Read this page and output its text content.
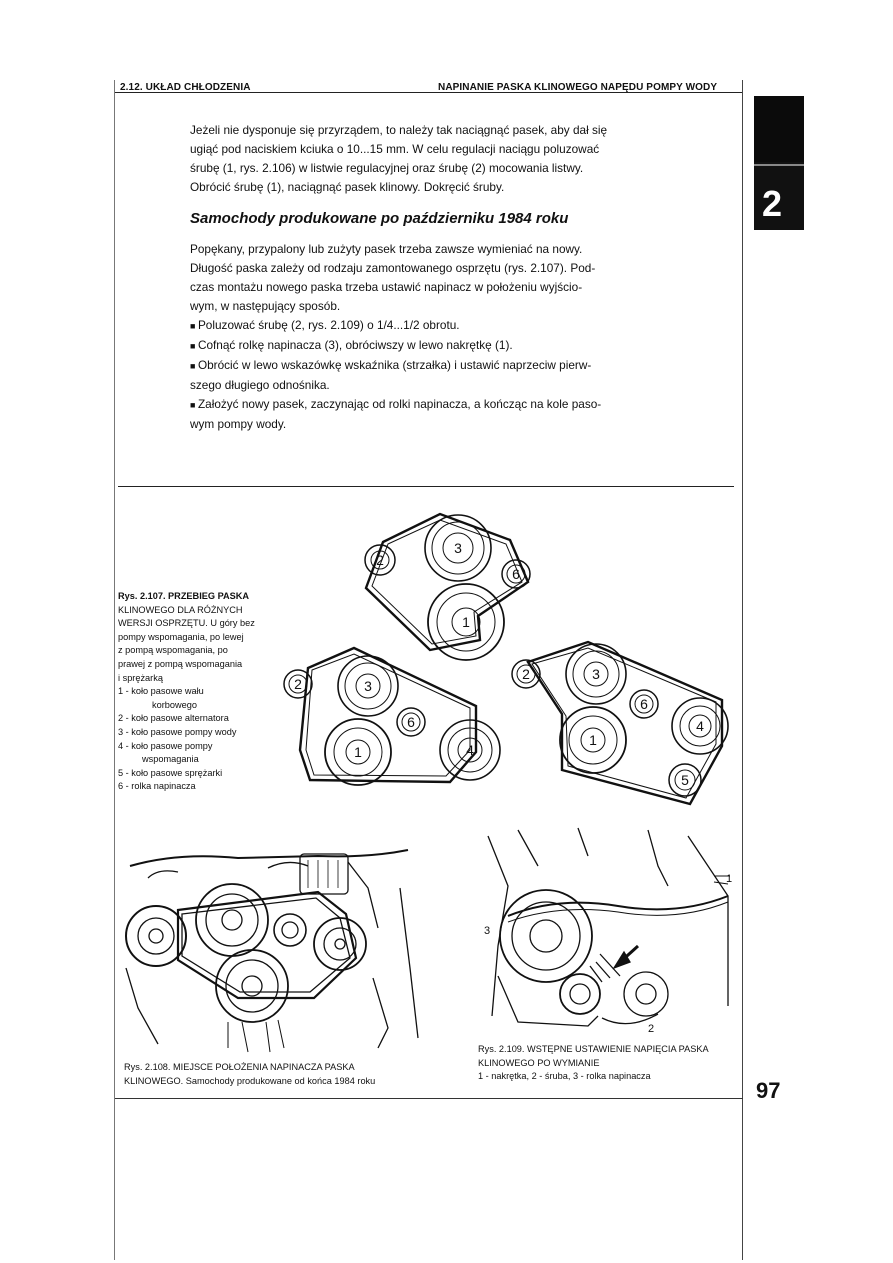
2.12. UKŁAD CHŁODZENIA	NAPINANIE PASKA KLINOWEGO NAPĘDU POMPY WODY
2
Jeżeli nie dysponuje się przyrządem, to należy tak naciągnąć pasek, aby dał się
ugiąć pod naciskiem kciuka o 10...15 mm. W celu regulacji naciągu poluzować
śrubę (1, rys. 2.106) w listwie regulacyjnej oraz śrubę (2) mocowania listwy.
Obrócić śrubę (1), naciągnąć pasek klinowy. Dokręcić śruby.
Samochody produkowane po październiku 1984 roku
Popękany, przypalony lub zużyty pasek trzeba zawsze wymieniać na nowy.
Długość paska zależy od rodzaju zamontowanego osprzętu (rys. 2.107). Pod-
czas montażu nowego paska trzeba ustawić napinacz w położeniu wyjścio-
wym, w następujący sposób.
■ Poluzować śrubę (2, rys. 2.109) o 1/4...1/2 obrotu.
■ Cofnąć rolkę napinacza (3), obróciwszy w lewo nakrętkę (1).
■ Obrócić w lewo wskazówkę wskaźnika (strzałka) i ustawić naprzeciw pierw-
szego długiego odnośnika.
■ Założyć nowy pasek, zaczynając od rolki napinacza, a kończąc na kole paso-
wym pompy wody.
3
2
6
1
2	3
6
1	4
2	3
6
1
4
5
Rys. 2.107. PRZEBIEG PASKA
KLINOWEGO DLA RÓŻNYCH
WERSJI OSPRZĘTU. U góry bez
pompy wspomagania, po lewej
z pompą wspomagania, po
prawej z pompą wspomagania
i sprężarką
1 - koło pasowe wału
korbowego
2 - koło pasowe alternatora
3 - koło pasowe pompy wody
4 - koło pasowe pompy
wspomagania
5 - koło pasowe sprężarki
6 - rolka napinacza
Rys. 2.108. MIEJSCE POŁOŻENIA NAPINACZA PASKA
KLINOWEGO. Samochody produkowane od końca 1984 roku
1
3
2
Rys. 2.109. WSTĘPNE USTAWIENIE NAPIĘCIA PASKA
KLINOWEGO PO WYMIANIE
1 - nakrętka, 2 - śruba, 3 - rolka napinacza
97
